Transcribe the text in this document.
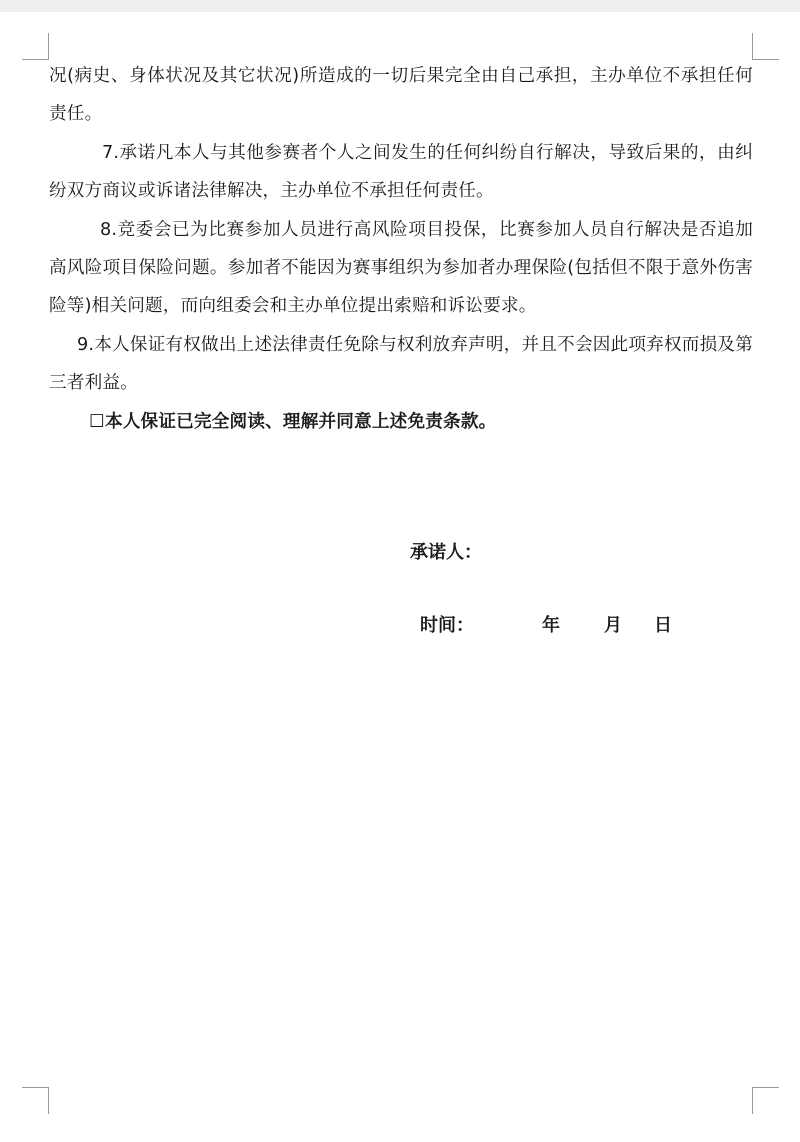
况(病史、身体状况及其它状况)所造成的一切后果完全由自己承担，主办单位不承担任何责任。

7.承诺凡本人与其他参赛者个人之间发生的任何纠纷自行解决，导致后果的，由纠纷双方商议或诉诸法律解决，主办单位不承担任何责任。

8.竞委会已为比赛参加人员进行高风险项目投保，比赛参加人员自行解决是否追加高风险项目保险问题。参加者不能因为赛事组织为参加者办理保险(包括但不限于意外伤害险等)相关问题，而向组委会和主办单位提出索赔和诉讼要求。

9.本人保证有权做出上述法律责任免除与权利放弃声明，并且不会因此项弃权而损及第三者利益。

☐本人保证已完全阅读、理解并同意上述免责条款。

承诺人：
时间：	年 月 日
